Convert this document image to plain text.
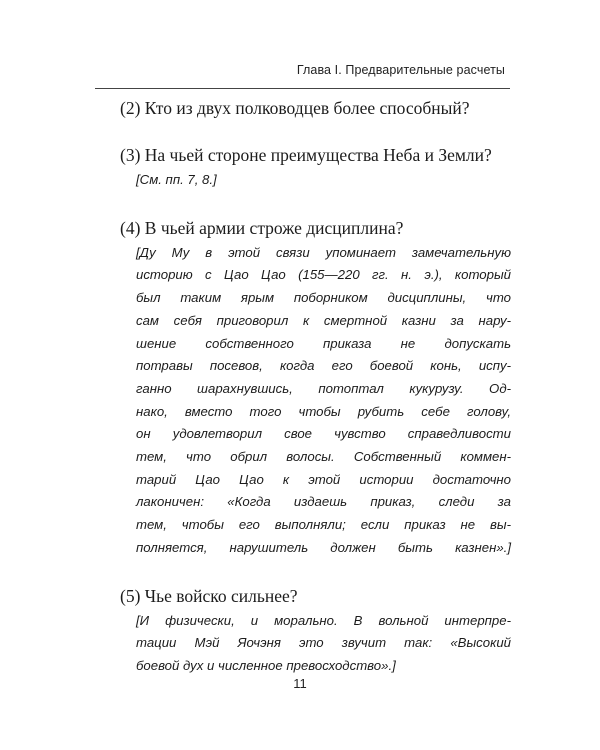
Глава I. Предварительные расчеты

(2) Кто из двух полководцев более способный?

(3) На чьей стороне преимущества Неба и Земли?

[См. пп. 7, 8.]

(4) В чьей армии строже дисциплина?

[Ду Му в этой связи упоминает замечательную
историю с Цао Цао (155—220 гг. н. э.), который
был таким ярым поборником дисциплины, что
сам себя приговорил к смертной казни за нару-
шение собственного приказа не допускать
потравы посевов, когда его боевой конь, испу-
ганно шарахнувшись, потоптал кукурузу. Од-
нако, вместо того чтобы рубить себе голову,
он удовлетворил свое чувство справедливости
тем, что обрил волосы. Собственный коммен-
тарий Цао Цао к этой истории достаточно
лаконичен: «Когда издаешь приказ, следи за
тем, чтобы его выполняли; если приказ не вы-
полняется, нарушитель должен быть казнен».]

(5) Чье войско сильнее?

[И физически, и морально. В вольной интерпре-
тации Мэй Яочэня это звучит так: «Высокий
боевой дух и численное превосходство».]
11
